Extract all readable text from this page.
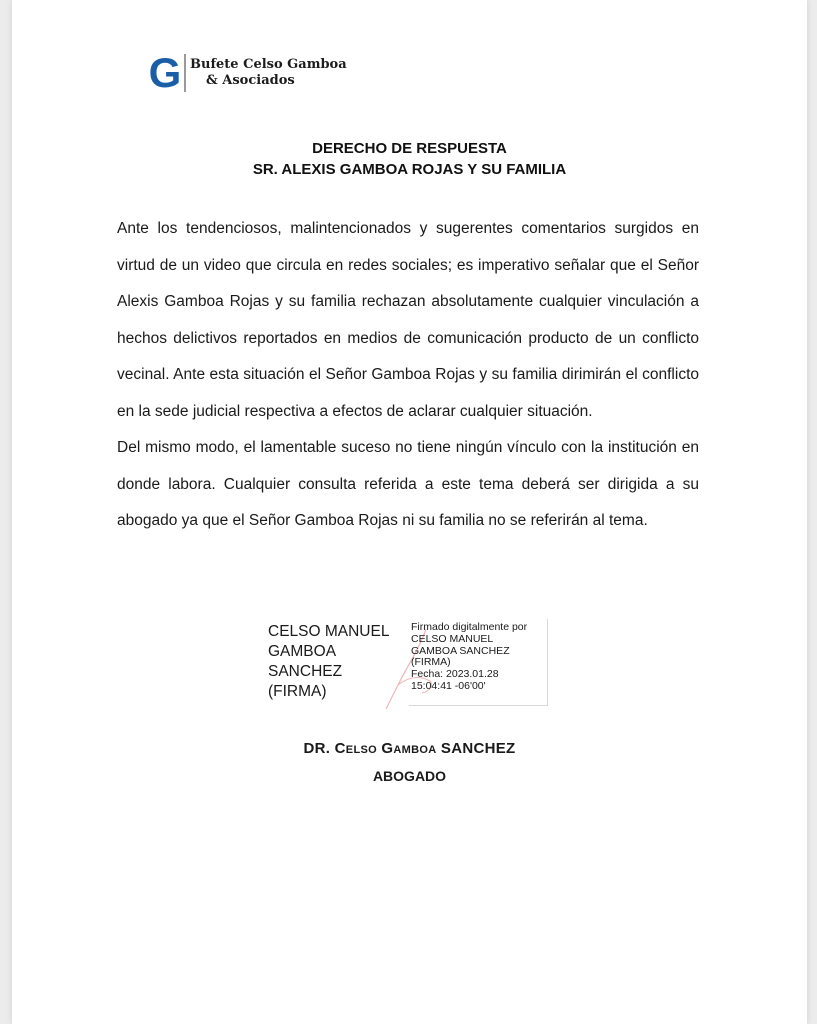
G Bufete Celso Gamboa
& Asociados
DERECHO DE RESPUESTA
SR. ALEXIS GAMBOA ROJAS Y SU FAMILIA

Ante los tendenciosos, malintencionados y sugerentes comentarios surgidos en virtud de un video que circula en redes sociales; es imperativo señalar que el Señor Alexis Gamboa Rojas y su familia rechazan absolutamente cualquier vinculación a hechos delictivos reportados en medios de comunicación producto de un conflicto vecinal. Ante esta situación el Señor Gamboa Rojas y su familia dirimirán el conflicto en la sede judicial respectiva a efectos de aclarar cualquier situación.

Del mismo modo, el lamentable suceso no tiene ningún vínculo con la institución en donde labora. Cualquier consulta referida a este tema deberá ser dirigida a su abogado ya que el Señor Gamboa Rojas ni su familia no se referirán al tema.

CELSO MANUEL
GAMBOA
SANCHEZ
(FIRMA)
Firmado digitalmente por
CELSO MANUEL
GAMBOA SANCHEZ
(FIRMA)
Fecha: 2023.01.28
15:04:41 -06'00'
DR. Celso Gamboa SANCHEZ
ABOGADO
